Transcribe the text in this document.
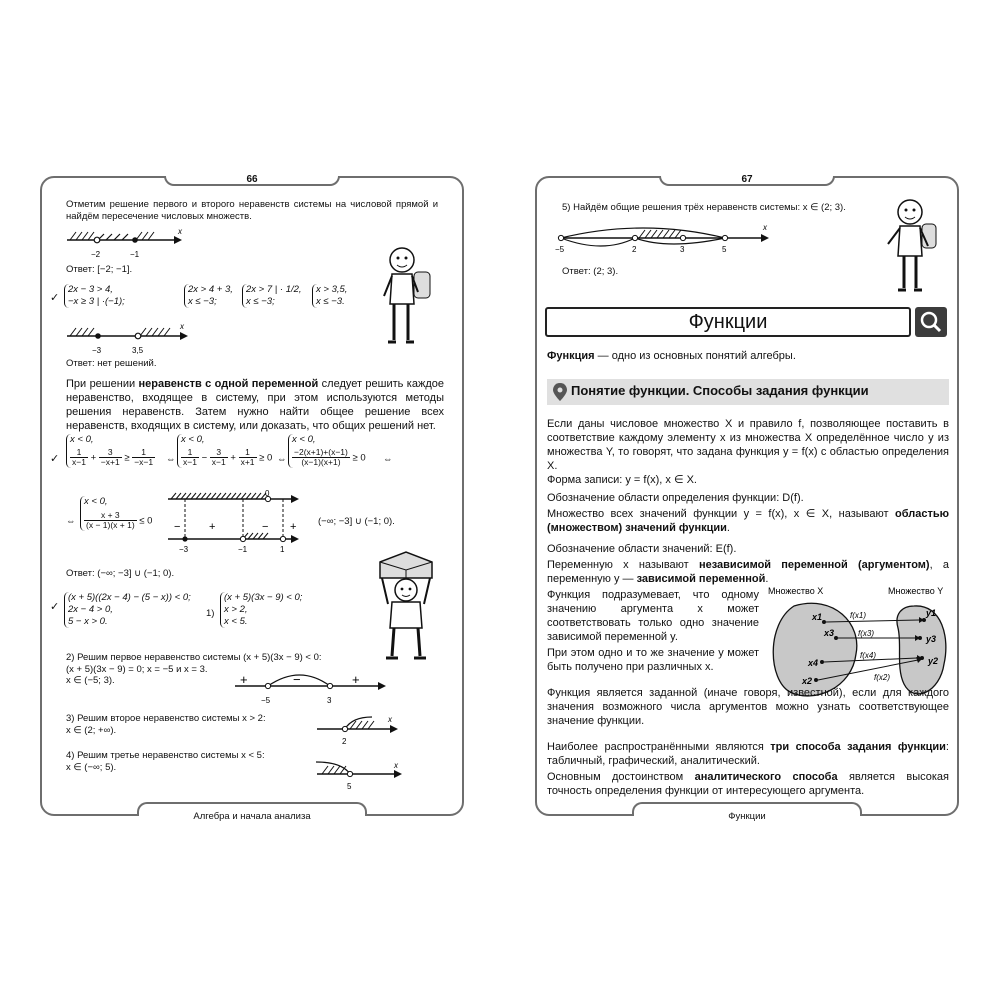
66
Алгебра и начала анализа

Отметим решение первого и второго неравенств системы на числовой прямой и найдём пересечение числовых множеств.

x
−2	−1

Ответ: [−2; −1].

✓
2x − 3 > 4,
−x ≥ 3 | ·(−1);
2x > 4 + 3,
x ≤ −3;
2x > 7 | · 1/2,
x ≤ −3;
x > 3,5,
x ≤ −3.
x
−3	3,5

Ответ: нет решений.

При решении неравенств с одной переменной следует решить каждое неравенство, входящее в систему, при этом используются методы решения неравенств. Затем нужно найти общее решение всех неравенств, входящих в систему, или доказать, что общих решений нет.

✓
x < 0,
$\frac{1}{x-1} + \frac{3}{-x+1} \ge \frac{1}{-x-1}$ ⇔
x < 0,
$\frac{1}{x-1} - \frac{3}{x-1} + \frac{1}{x+1} \ge 0$ ⇔
x < 0,
$\frac{-2(x+1)+(x-1)}{(x-1)(x+1)} \ge 0$ ⇔
⇔
x < 0,
$\frac{x + 3}{(x - 1)(x + 1)} \le 0$
0
−	+	− +
−3	−1	1
(−∞; −3] ∪ (−1; 0).

Ответ: (−∞; −3] ∪ (−1; 0).

✓
(x + 5)((2x − 4) − (5 − x)) < 0;
2x − 4 > 0,
5 − x > 0.
1)
(x + 5)(3x − 9) < 0;
x > 2,
x < 5.
2) Решим первое неравенство системы (x + 5)(3x − 9) < 0:
(x + 5)(3x − 9) = 0; x = −5 и x = 3.
x ∈ (−5; 3).	+	−	+
−5	3
3) Решим второе неравенство системы x > 2:
x ∈ (2; +∞).
x
2
4) Решим третье неравенство системы x < 5:
x ∈ (−∞; 5).	x
5
67
Функции

5) Найдём общие решения трёх неравенств системы: x ∈ (2; 3).

x
−5	2	3	5

Ответ: (2; 3).

Функции

Функция — одно из основных понятий алгебры.

Понятие функции. Способы задания функции

Если даны числовое множество X и правило f, позволяющее поставить в соответствие каждому элементу x из множества X определённое число y из множества Y, то говорят, что задана функция y = f(x) с областью определения X.

Форма записи: y = f(x), x ∈ X.

Обозначение области определения функции: D(f).

Множество всех значений функции y = f(x), x ∈ X, называют областью (множеством) значений функции.

Обозначение области значений: E(f).

Переменную x называют независимой переменной (аргументом), а переменную y — зависимой переменной.

Функция подразумевает, что одному значению аргумента x может соответствовать только одно значение зависимой переменной y.

При этом одно и то же значение y может быть получено при различных x.

Множество X	Множество Y
x1
x3
x4
x2
y1
y3
y2
f(x1)
f(x3)
f(x4)
f(x2)

Функция является заданной (иначе говоря, известной), если для каждого значения возможного числа аргументов можно узнать соответствующее значение функции.

Наиболее распространёнными являются три способа задания функции: табличный, графический, аналитический.

Основным достоинством аналитического способа является высокая точность определения функции от интересующего аргумента.
